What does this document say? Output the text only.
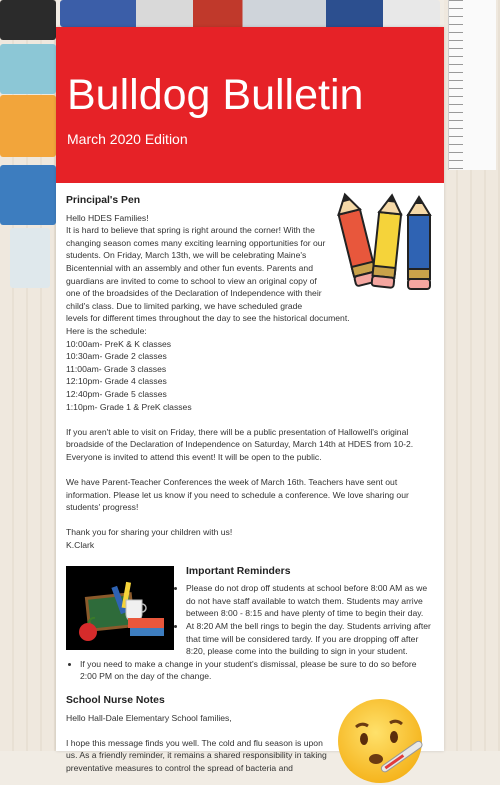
Bulldog Bulletin
March 2020 Edition
Principal's Pen
Hello HDES Families!
It is hard to believe that spring is right around the corner! With the changing season comes many exciting learning opportunities for our students. On Friday, March 13th, we will be celebrating Maine's Bicentennial with an assembly and other fun events. Parents and guardians are invited to come to school to view an original copy of one of the broadsides of the Declaration of Independence with their child's class. Due to limited parking, we have scheduled grade levels for different times throughout the day to see the historical document.
Here is the schedule:
10:00am- PreK & K classes
10:30am- Grade 2 classes
11:00am- Grade 3 classes
12:10pm- Grade 4 classes
12:40pm- Grade 5 classes
1:10pm- Grade 1 & PreK classes
If you aren't able to visit on Friday, there will be a public presentation of Hallowell's original broadside of the Declaration of Independence on Saturday, March 14th at HDES from 10-2. Everyone is invited to attend this event! It will be open to the public.
We have Parent-Teacher Conferences the week of March 16th. Teachers have sent out information. Please let us know if you need to schedule a conference. We love sharing our students' progress!
Thank you for sharing your children with us!
K.Clark
Important Reminders
• Please do not drop off students at school before 8:00 AM as we do not have staff available to watch them. Students may arrive between 8:00 - 8:15 and have plenty of time to begin their day.
• At 8:20 AM the bell rings to begin the day. Students arriving after that time will be considered tardy. If you are dropping off after 8:20, please come into the building to sign in your student.
• If you need to make a change in your student's dismissal, please be sure to do so before 2:00 PM on the day of the change.
School Nurse Notes
Hello Hall-Dale Elementary School families,
I hope this message finds you well. The cold and flu season is upon us. As a friendly reminder, it remains a shared responsibility in taking preventative measures to control the spread of bacteria and
